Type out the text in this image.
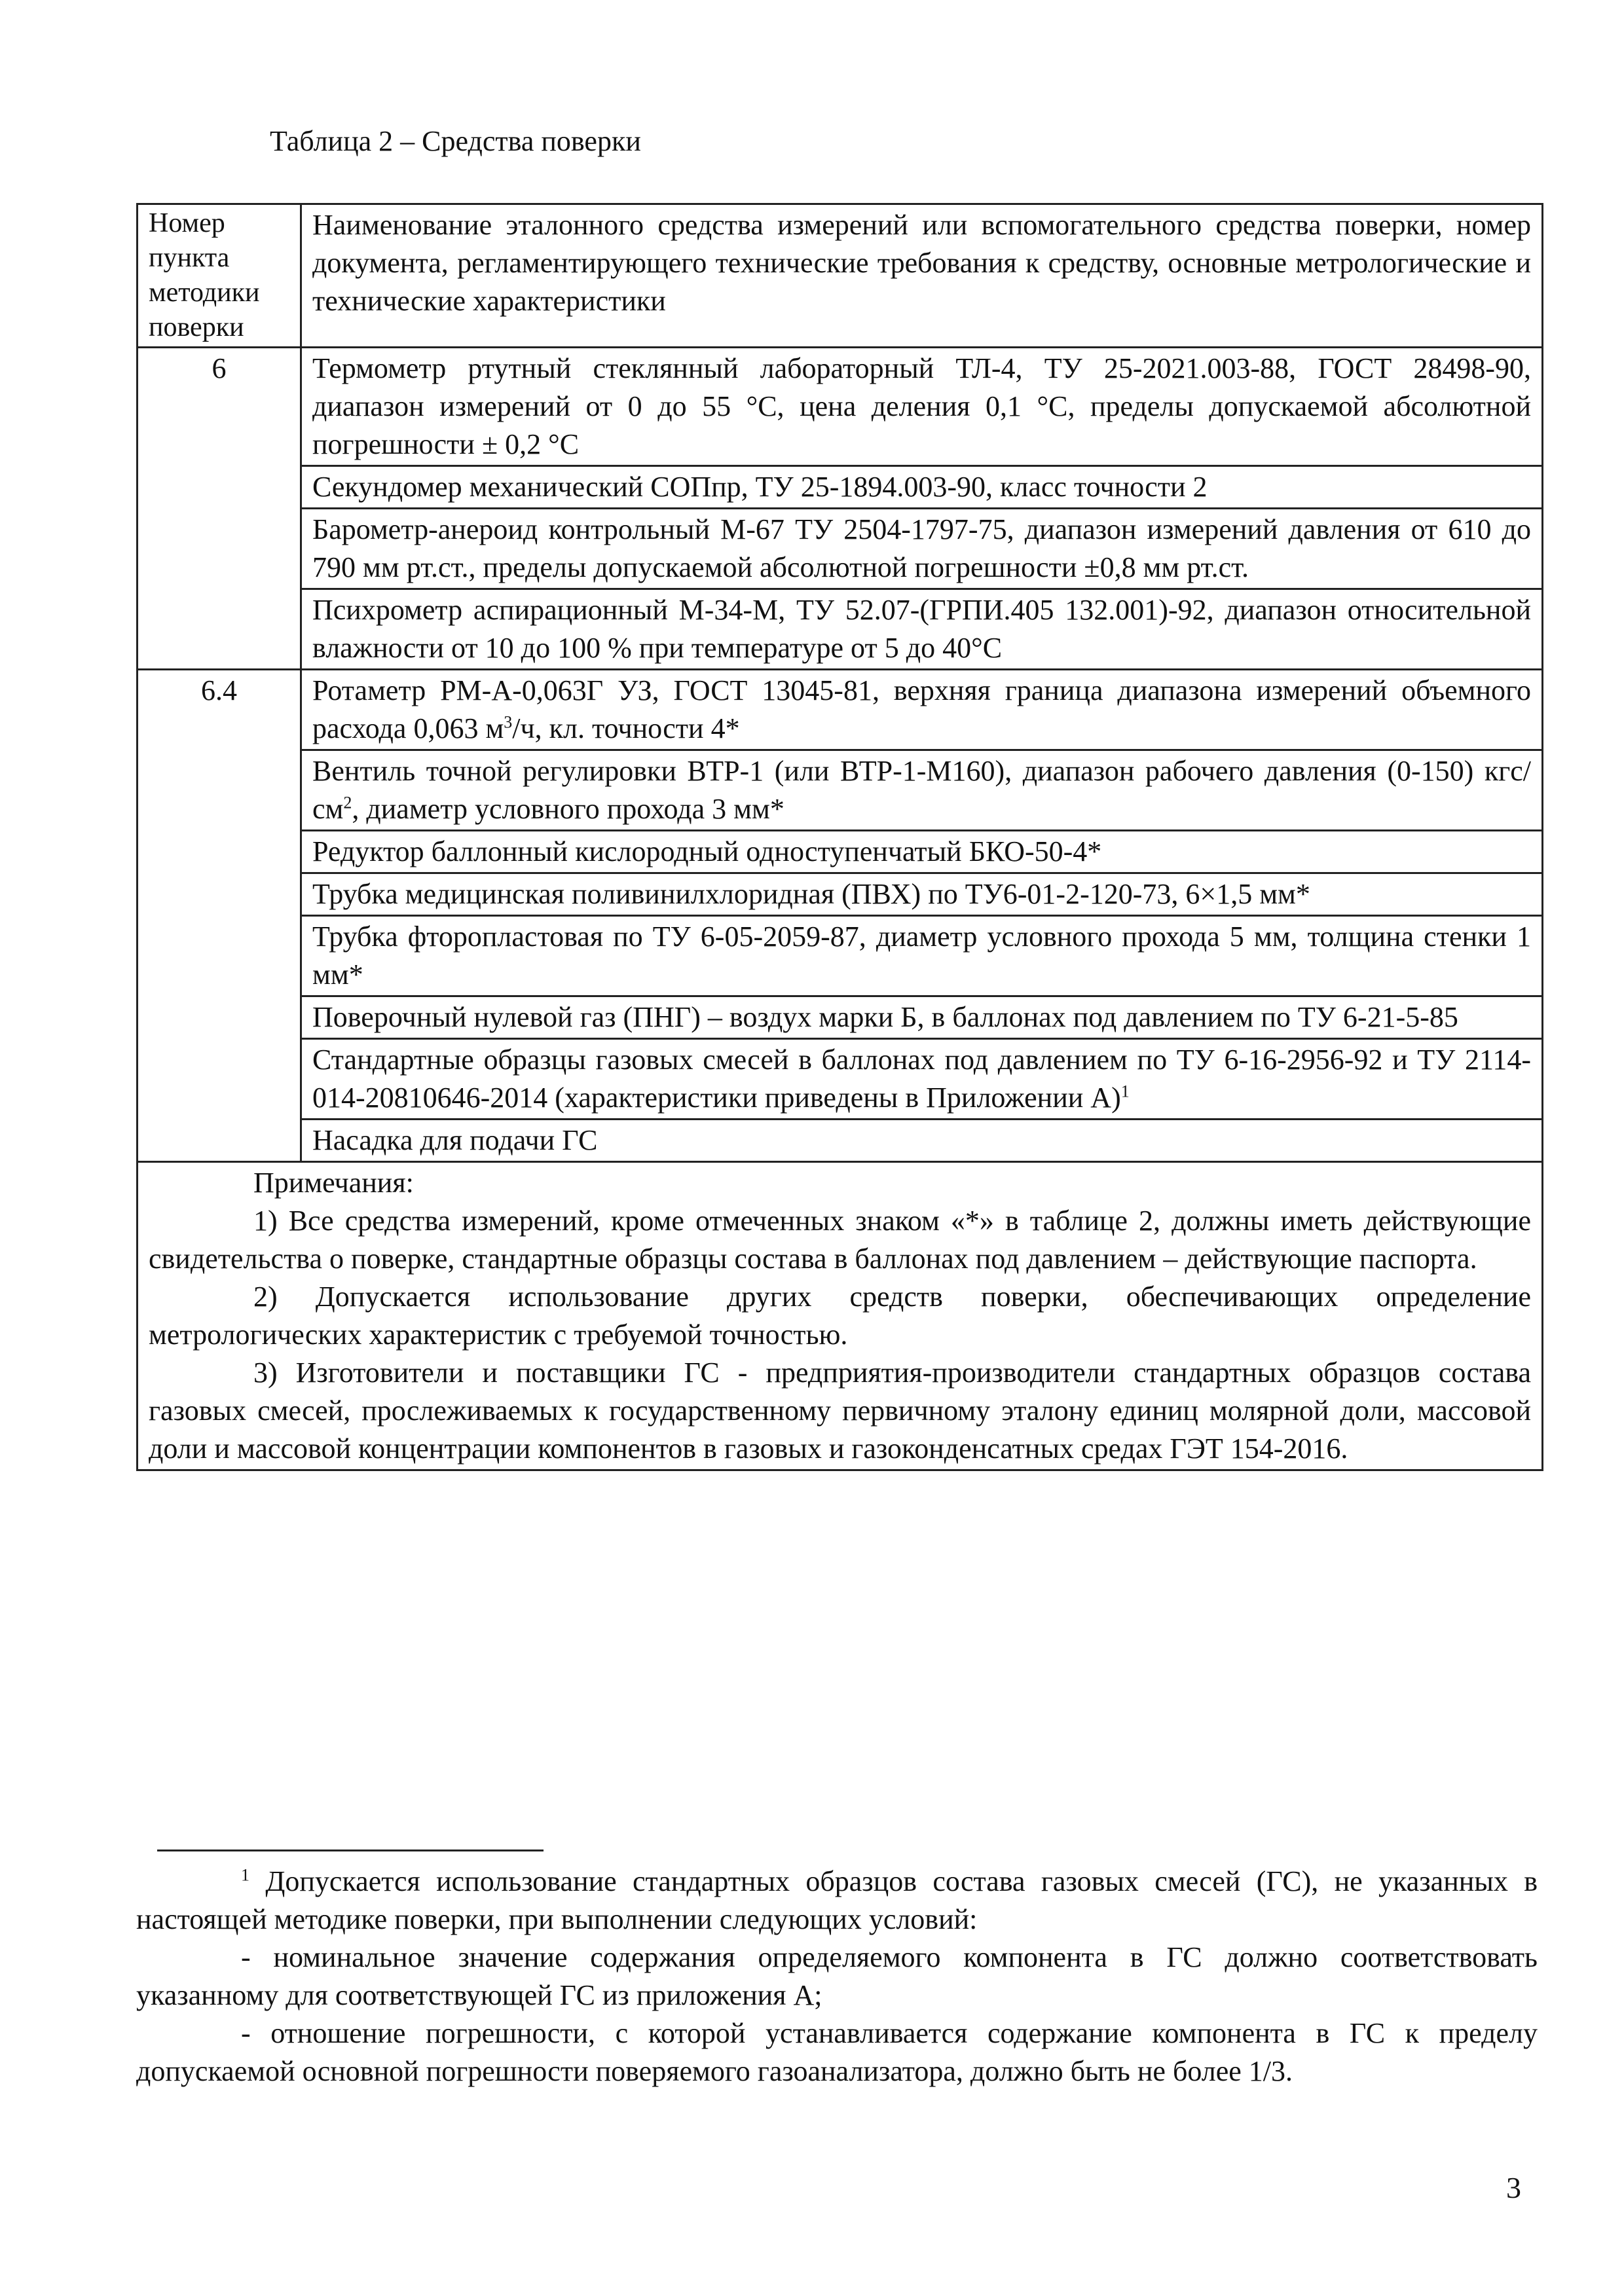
Таблица 2 – Средства поверки
Номер пункта методики поверки	Наименование эталонного средства измерений или вспомогательного средства поверки, номер документа, регламентирующего технические требования к средству, основные метрологические и технические характеристики
6	Термометр ртутный стеклянный лабораторный ТЛ-4, ТУ 25-2021.003-88, ГОСТ 28498-90, диапазон измерений от 0 до 55 °С, цена деления 0,1 °С, пределы допускаемой абсолютной погрешности ± 0,2 °С
	Секундомер механический СОПпр, ТУ 25-1894.003-90, класс точности 2
	Барометр-анероид контрольный М-67 ТУ 2504-1797-75, диапазон измерений давления от 610 до 790 мм рт.ст., пределы допускаемой абсолютной погрешности ±0,8 мм рт.ст.
	Психрометр аспирационный М-34-М, ТУ 52.07-(ГРПИ.405 132.001)-92, диапазон относительной влажности от 10 до 100 % при температуре от 5 до 40°С
6.4	Ротаметр РМ-А-0,063Г УЗ, ГОСТ 13045-81, верхняя граница диапазона измерений объемного расхода 0,063 $м^3/ч$, кл. точности 4*
	Вентиль точной регулировки ВТР-1 (или ВТР-1-М160), диапазон рабочего давления (0-150) кгс/$см^2$, диаметр условного прохода 3 мм*
	Редуктор баллонный кислородный одноступенчатый БКО-50-4*
	Трубка медицинская поливинилхлоридная (ПВХ) по ТУ6-01-2-120-73, 6×1,5 мм*
	Трубка фторопластовая по ТУ 6-05-2059-87, диаметр условного прохода 5 мм, толщина стенки 1 мм*
	Поверочный нулевой газ (ПНГ) – воздух марки Б, в баллонах под давлением по ТУ 6-21-5-85
	Стандартные образцы газовых смесей в баллонах под давлением по ТУ 6-16-2956-92 и ТУ 2114-014-20810646-2014 (характеристики приведены в Приложении А)$^1$
	Насадка для подачи ГС

Примечания:
1) Все средства измерений, кроме отмеченных знаком «*» в таблице 2, должны иметь действующие свидетельства о поверке, стандартные образцы состава в баллонах под давлением – действующие паспорта.
2) Допускается использование других средств поверки, обеспечивающих определение метрологических характеристик с требуемой точностью.
3) Изготовители и поставщики ГС - предприятия-производители стандартных образцов состава газовых смесей, прослеживаемых к государственному первичному эталону единиц молярной доли, массовой доли и массовой концентрации компонентов в газовых и газоконденсатных средах ГЭТ 154-2016.	
$^1$ Допускается использование стандартных образцов состава газовых смесей (ГС), не указанных в настоящей методике поверки, при выполнении следующих условий:
- номинальное значение содержания определяемого компонента в ГС должно соответствовать указанному для соответствующей ГС из приложения А;
- отношение погрешности, с которой устанавливается содержание компонента в ГС к пределу допускаемой основной погрешности поверяемого газоанализатора, должно быть не более 1/3.
3
